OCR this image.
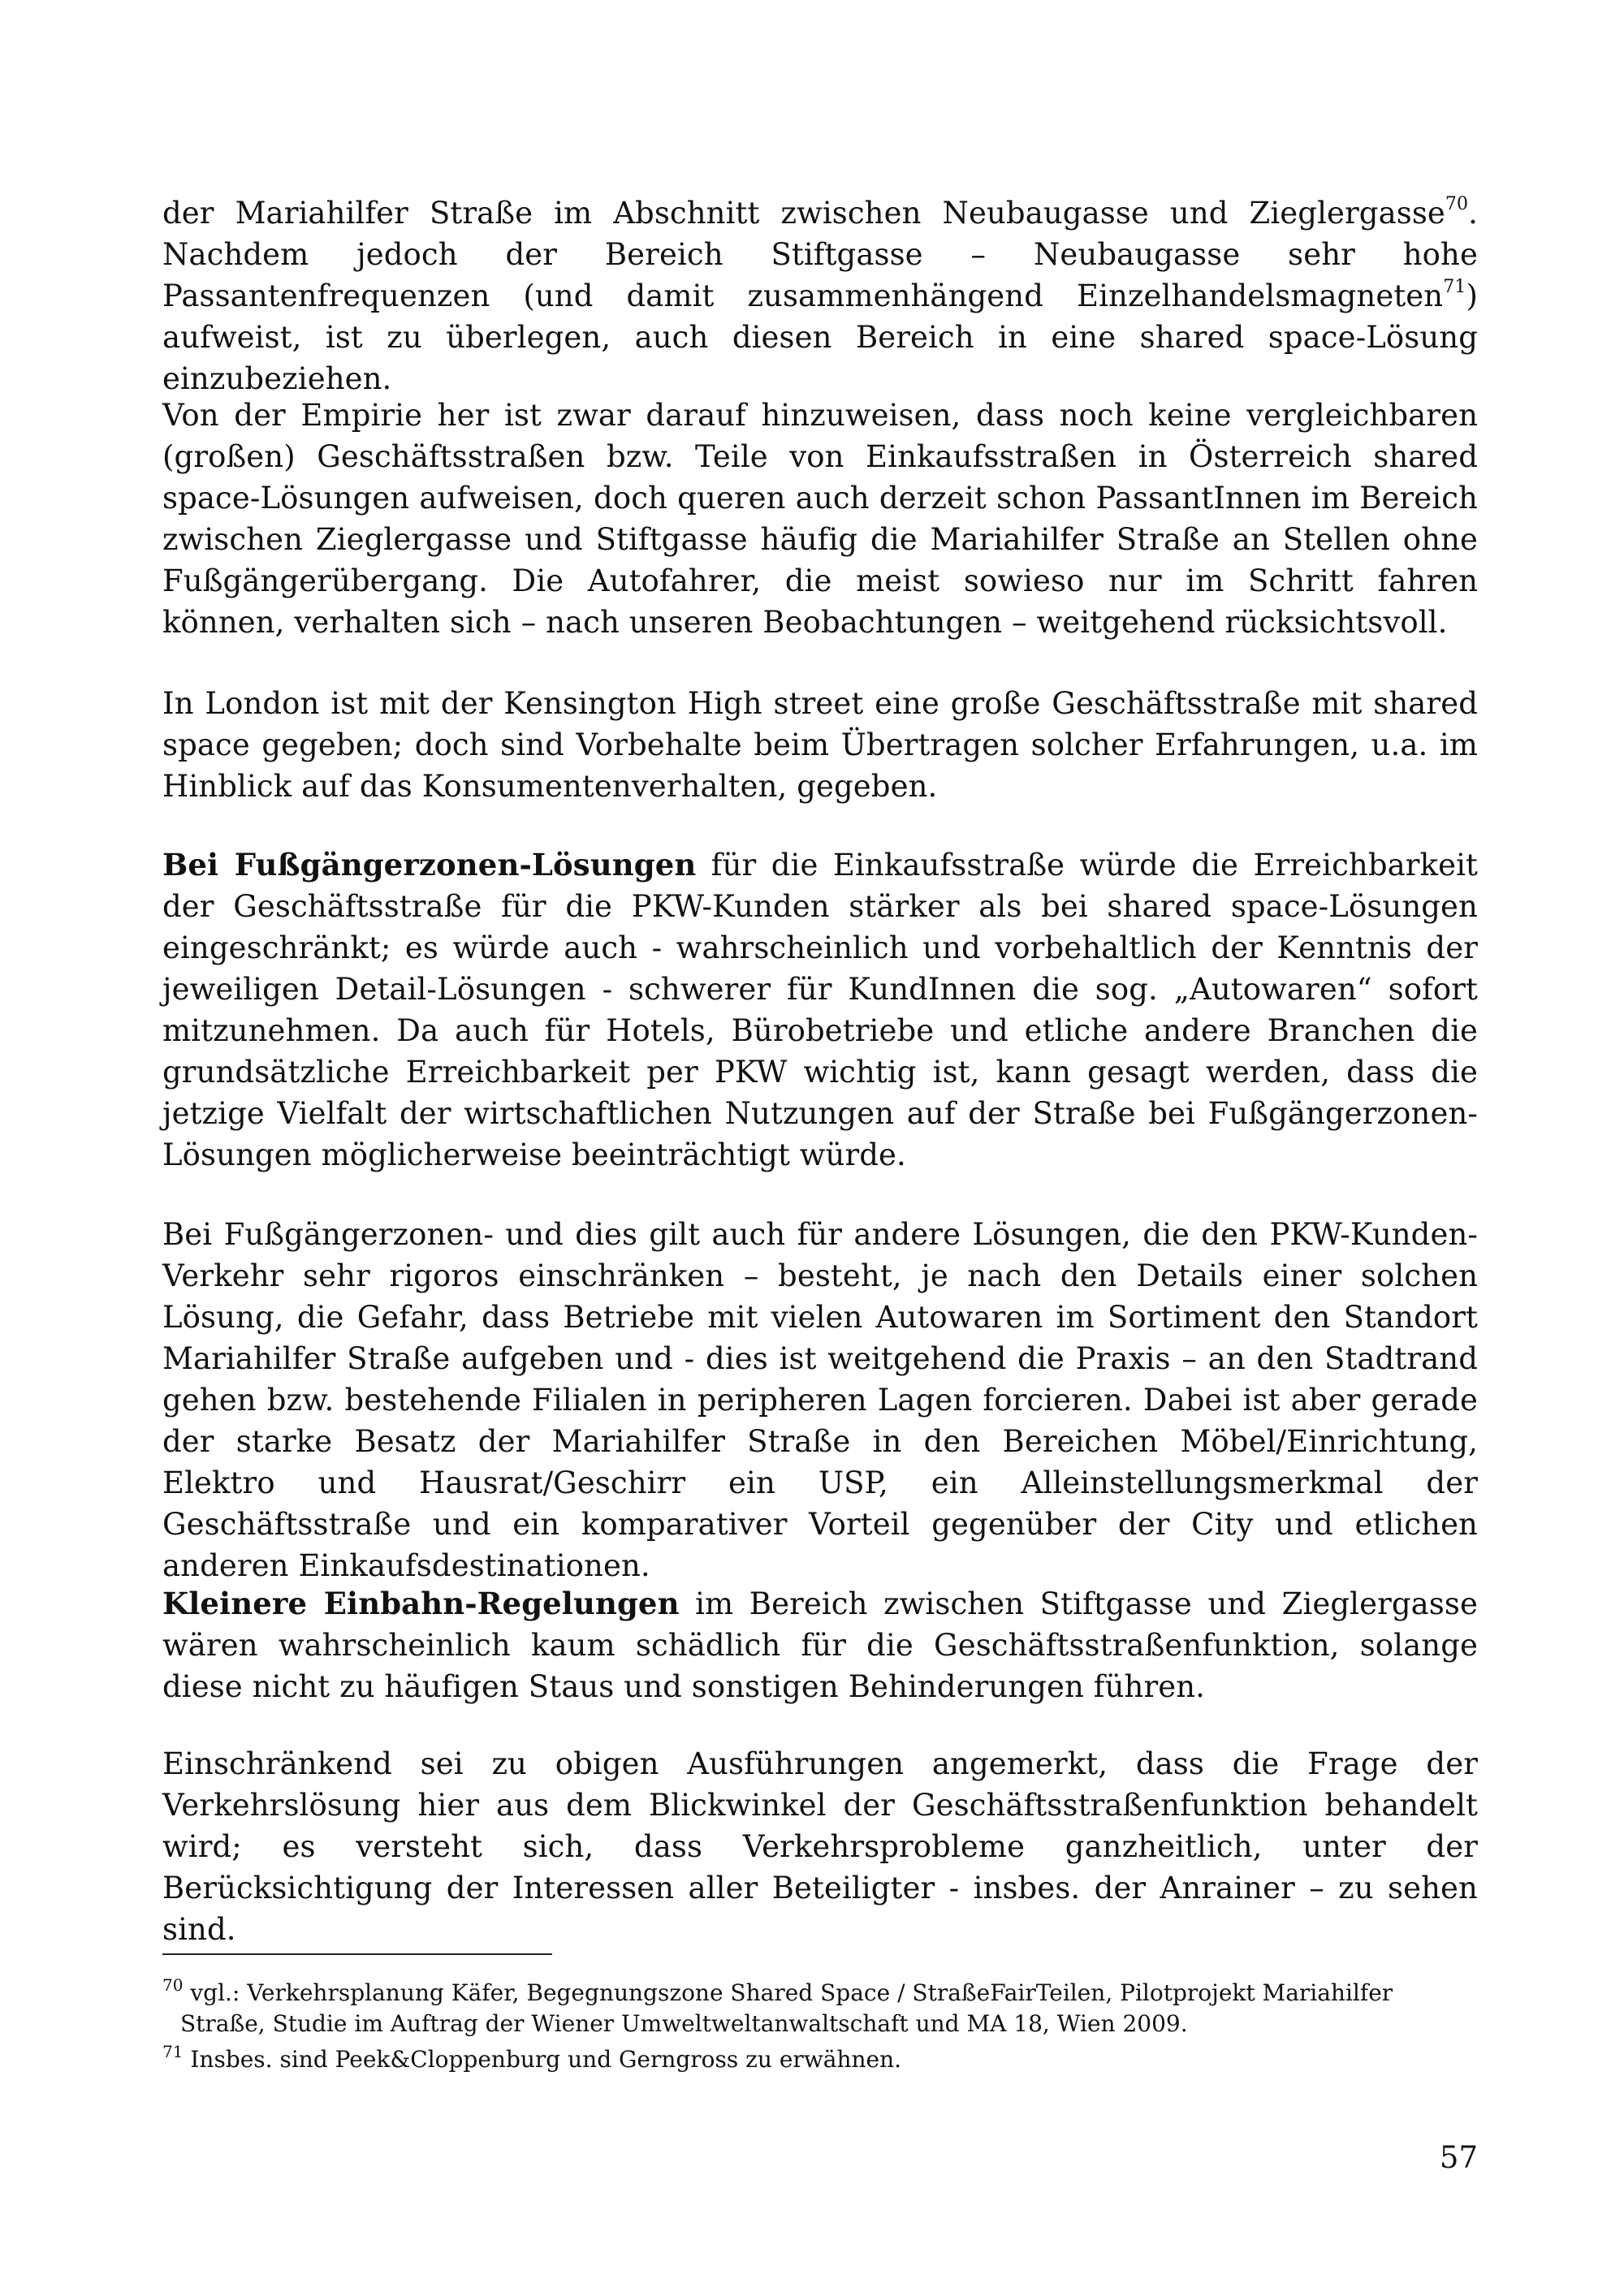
der Mariahilfer Straße im Abschnitt zwischen Neubaugasse und Zieglergasse$^{70}$. Nachdem jedoch der Bereich Stiftgasse – Neubaugasse sehr hohe Passantenfrequenzen (und damit zusammenhängend Einzelhandelsmagneten$^{71}$) aufweist, ist zu überlegen, auch diesen Bereich in eine shared space-Lösung einzubeziehen.

Von der Empirie her ist zwar darauf hinzuweisen, dass noch keine vergleichbaren (großen) Geschäftsstraßen bzw. Teile von Einkaufsstraßen in Österreich shared space-Lösungen aufweisen, doch queren auch derzeit schon PassantInnen im Bereich zwischen Zieglergasse und Stiftgasse häufig die Mariahilfer Straße an Stellen ohne Fußgängerübergang. Die Autofahrer, die meist sowieso nur im Schritt fahren können, verhalten sich – nach unseren Beobachtungen – weitgehend rücksichtsvoll.

In London ist mit der Kensington High street eine große Geschäftsstraße mit shared space gegeben; doch sind Vorbehalte beim Übertragen solcher Erfahrungen, u.a. im Hinblick auf das Konsumentenverhalten, gegeben.

Bei Fußgängerzonen-Lösungen für die Einkaufsstraße würde die Erreichbarkeit der Geschäftsstraße für die PKW-Kunden stärker als bei shared space-Lösungen eingeschränkt; es würde auch - wahrscheinlich und vorbehaltlich der Kenntnis der jeweiligen Detail-Lösungen - schwerer für KundInnen die sog. „Autowaren“ sofort mitzunehmen. Da auch für Hotels, Bürobetriebe und etliche andere Branchen die grundsätzliche Erreichbarkeit per PKW wichtig ist, kann gesagt werden, dass die jetzige Vielfalt der wirtschaftlichen Nutzungen auf der Straße bei Fußgängerzonen-Lösungen möglicherweise beeinträchtigt würde.

Bei Fußgängerzonen- und dies gilt auch für andere Lösungen, die den PKW-Kunden-Verkehr sehr rigoros einschränken – besteht, je nach den Details einer solchen Lösung, die Gefahr, dass Betriebe mit vielen Autowaren im Sortiment den Standort Mariahilfer Straße aufgeben und - dies ist weitgehend die Praxis – an den Stadtrand gehen bzw. bestehende Filialen in peripheren Lagen forcieren. Dabei ist aber gerade der starke Besatz der Mariahilfer Straße in den Bereichen Möbel/Einrichtung, Elektro und Hausrat/Geschirr ein USP, ein Alleinstellungsmerkmal der Geschäftsstraße und ein komparativer Vorteil gegenüber der City und etlichen anderen Einkaufsdestinationen.

Kleinere Einbahn-Regelungen im Bereich zwischen Stiftgasse und Zieglergasse wären wahrscheinlich kaum schädlich für die Geschäftsstraßenfunktion, solange diese nicht zu häufigen Staus und sonstigen Behinderungen führen.

Einschränkend sei zu obigen Ausführungen angemerkt, dass die Frage der Verkehrslösung hier aus dem Blickwinkel der Geschäftsstraßenfunktion behandelt wird; es versteht sich, dass Verkehrsprobleme ganzheitlich, unter der Berücksichtigung der Interessen aller Beteiligter - insbes. der Anrainer – zu sehen sind.

$^{70}$ vgl.: Verkehrsplanung Käfer, Begegnungszone Shared Space / StraßeFairTeilen, Pilotprojekt Mariahilfer
Straße, Studie im Auftrag der Wiener Umweltweltanwaltschaft und MA 18, Wien 2009.

$^{71}$ Insbes. sind Peek&Cloppenburg und Gerngross zu erwähnen.

57
